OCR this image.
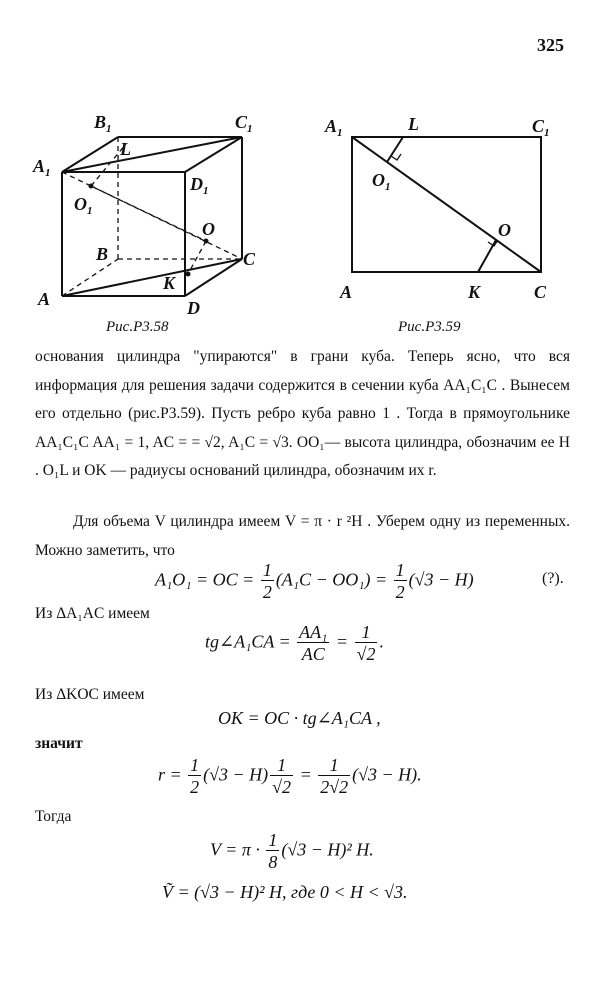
325
$A_1$
$B_1$	$C_1$
$D_1$
L
$O_1$
O
B	C
K
A	D
Рис.Р3.58
$A_1$	L	$C_1$
$O_1$
O
A	K	C
Рис.Р3.59
основания цилиндра "упираются" в грани куба. Теперь ясно, что вся информация для решения задачи содержится в сечении куба AA₁C₁C . Вынесем его отдельно (рис.Р3.59). Пусть ребро куба равно 1 . Тогда в прямоугольнике AA₁C₁C AA₁ = 1, AC = = √2, A₁C = √3. OO₁— высота цилиндра, обозначим ее H . O₁L и OK — радиусы оснований цилиндра, обозначим их r.
Для объема V цилиндра имеем V = π · r ²H . Уберем одну из переменных. Можно заметить, что
A₁O₁ = OC = $\frac{1}{2} (A_1C - OO_1) = \frac{1}{2} (√3 - H)$	(?).
Из ΔA₁AC имеем
tg∠A₁CA = $\frac{\text{AA₁}}{AC} = \frac{1}{√2}$ .
Из ΔKOC имеем
OK = OC · tg∠A₁CA ,
значит
$r = \frac{1}{2} (√3 - H) \frac{1}{√2} = \frac{1}{2√2} (√3 - H)$.
Тогда
$V = \pi \cdot \frac{1}{8} (√3 - H)^2$ H.
Ṽ = (√3 − H)² H, где 0 < H < √3.
